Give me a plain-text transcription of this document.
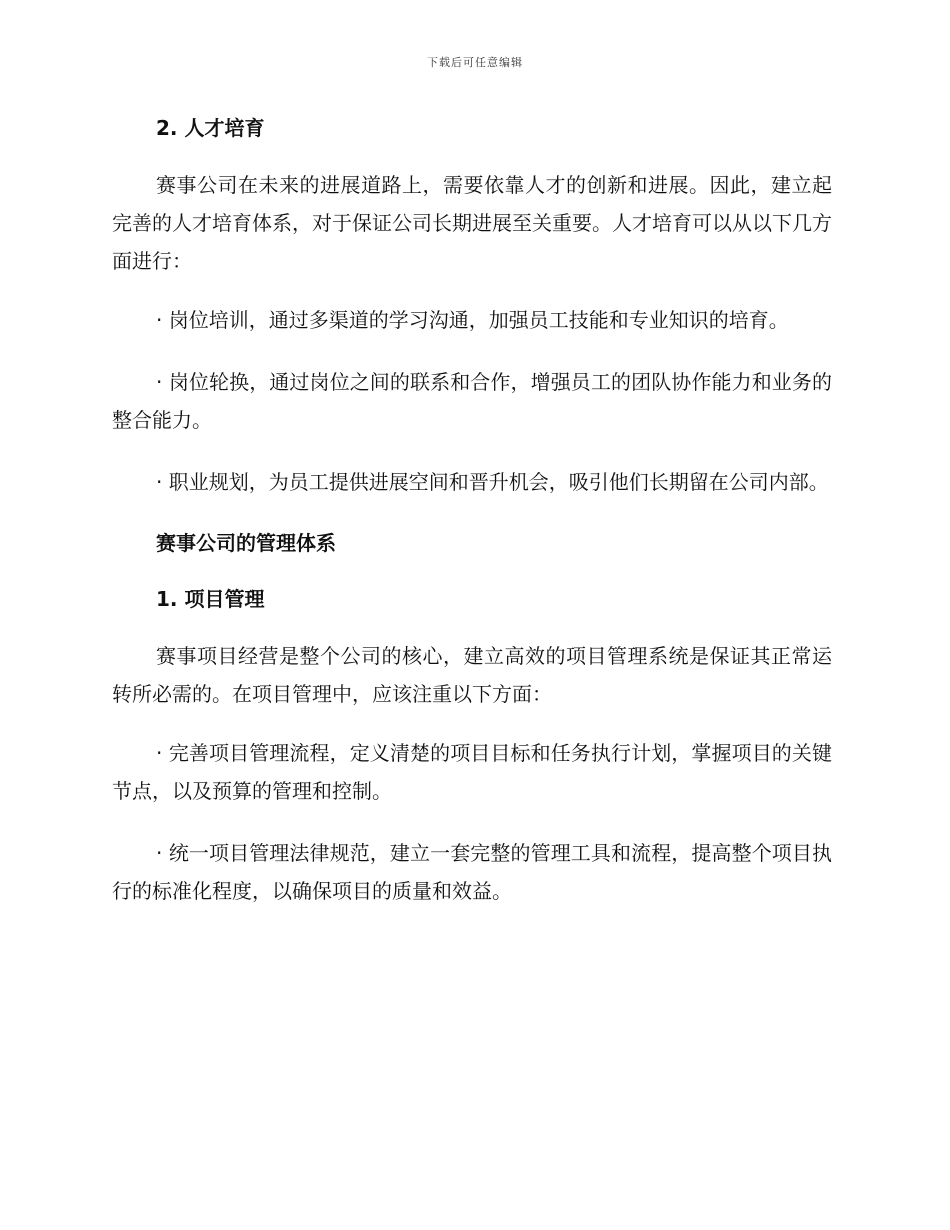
下载后可任意编辑

2. 人才培育

赛事公司在未来的进展道路上，需要依靠人才的创新和进展。因此，建立起完善的人才培育体系，对于保证公司长期进展至关重要。人才培育可以从以下几方面进行：

· 岗位培训，通过多渠道的学习沟通，加强员工技能和专业知识的培育。

· 岗位轮换，通过岗位之间的联系和合作，增强员工的团队协作能力和业务的整合能力。

· 职业规划，为员工提供进展空间和晋升机会，吸引他们长期留在公司内部。

赛事公司的管理体系

1. 项目管理

赛事项目经营是整个公司的核心，建立高效的项目管理系统是保证其正常运转所必需的。在项目管理中，应该注重以下方面：

· 完善项目管理流程，定义清楚的项目目标和任务执行计划，掌握项目的关键节点，以及预算的管理和控制。

· 统一项目管理法律规范，建立一套完整的管理工具和流程，提高整个项目执行的标准化程度，以确保项目的质量和效益。
